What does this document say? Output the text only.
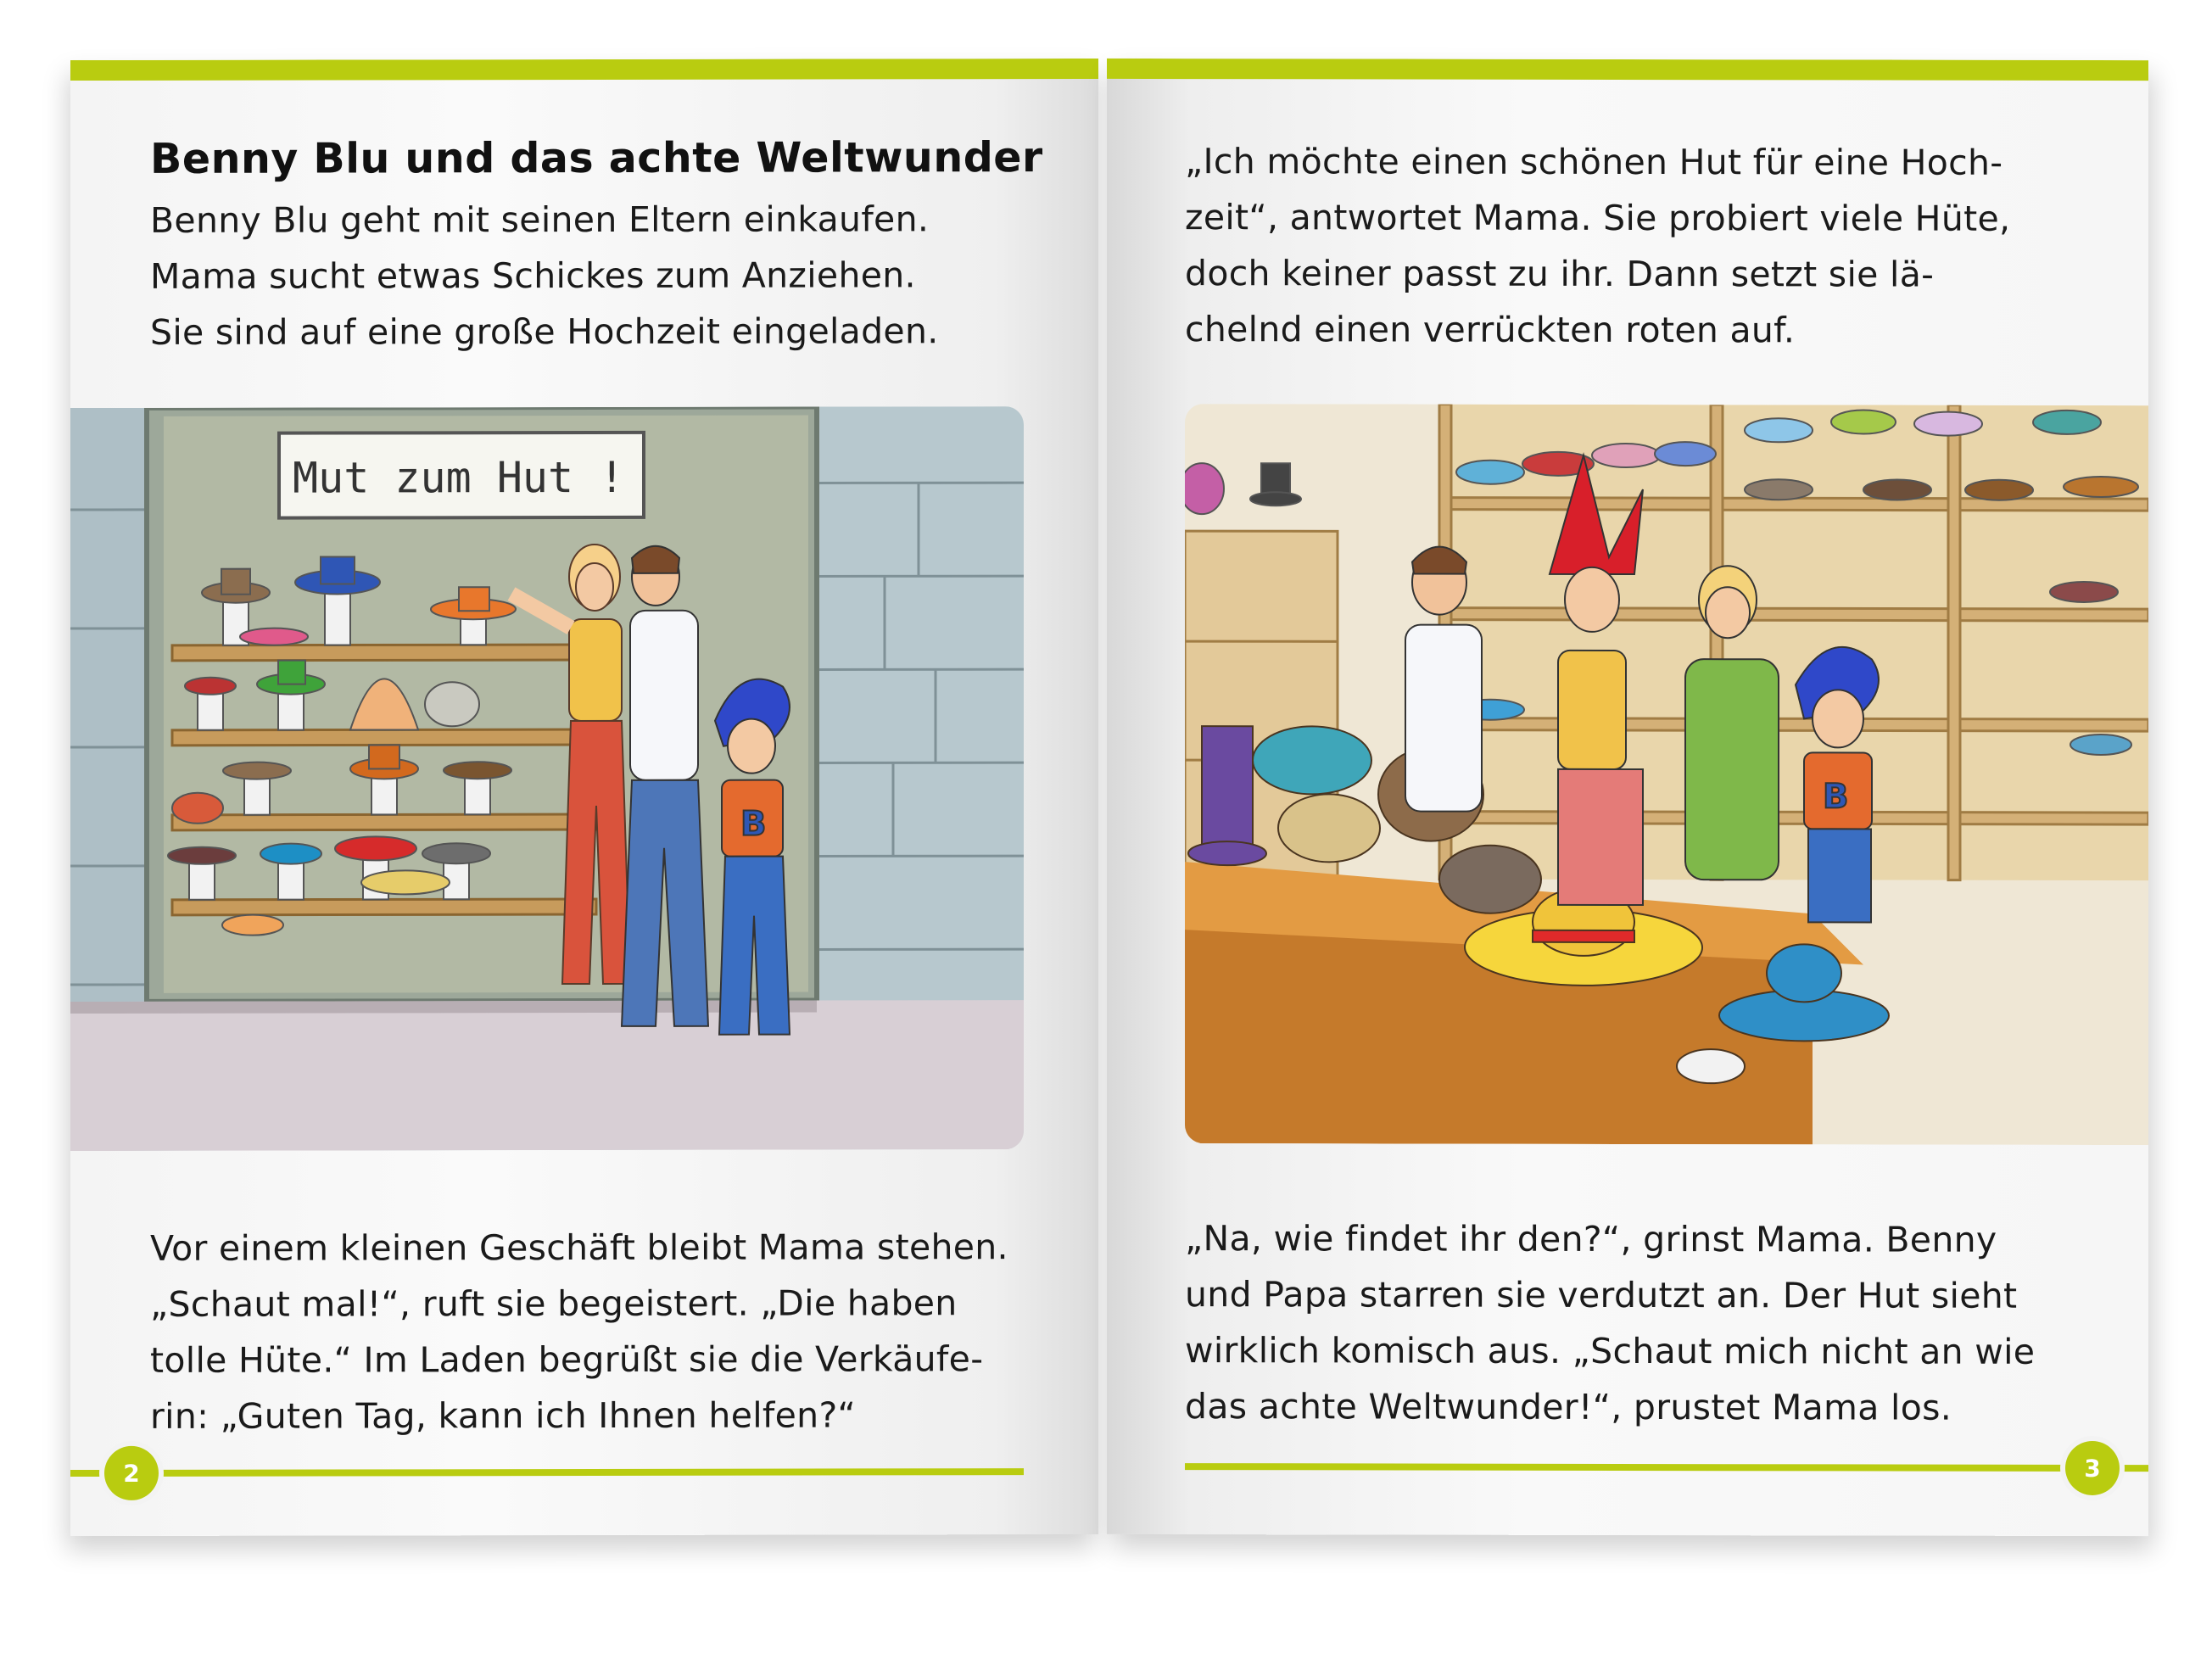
Benny Blu und das achte Weltwunder

Benny Blu geht mit seinen Eltern einkaufen.
Mama sucht etwas Schickes zum Anziehen.
Sie sind auf eine große Hochzeit eingeladen.

Mut zum Hut !
B

Vor einem kleinen Geschäft bleibt Mama stehen.
„Schaut mal!“, ruft sie begeistert. „Die haben
tolle Hüte.“ Im Laden begrüßt sie die Verkäufe-
rin: „Guten Tag, kann ich Ihnen helfen?“

2

„Ich möchte einen schönen Hut für eine Hoch-
zeit“, antwortet Mama. Sie probiert viele Hüte,
doch keiner passt zu ihr. Dann setzt sie lä-
chelnd einen verrückten roten auf.

B

„Na, wie findet ihr den?“, grinst Mama. Benny
und Papa starren sie verdutzt an. Der Hut sieht
wirklich komisch aus. „Schaut mich nicht an wie
das achte Weltwunder!“, prustet Mama los.

3
